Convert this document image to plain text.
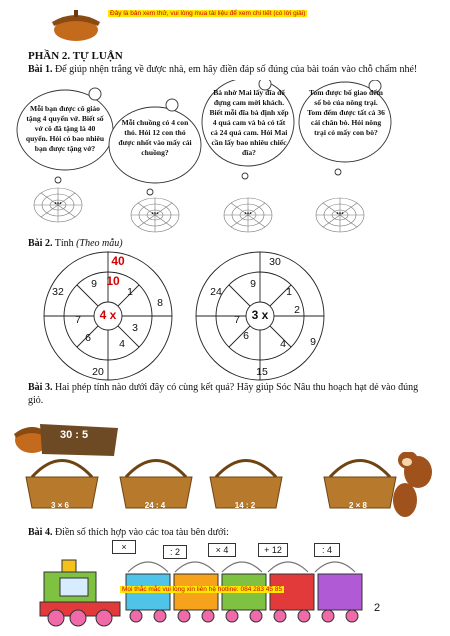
Đây là bản xem thử, vui lòng mua tài liệu để xem chi tiết (có lời giải)
PHẦN 2. TỰ LUẬN
Bài 1. Để giúp nhện trắng về được nhà, em hãy điền đáp số đúng của bài toán vào chỗ chấm nhé!
Mỗi bạn được cô giáo tặng 4 quyển vở. Biết số vở cô đã tặng là 40 quyển. Hỏi có bao nhiêu bạn được tặng vở?
Mỗi chuồng có 4 con thỏ. Hỏi 12 con thỏ được nhốt vào mấy cái chuồng?
Bà nhờ Mai lấy đĩa để đựng cam mời khách. Biết mỗi đĩa bà định xếp 4 quả cam và bà có tất cả 24 quả cam. Hỏi Mai cần lấy bao nhiêu chiếc đĩa?
Tom được bố giao đếm số bò của nông trại. Tom đếm được tất cả 36 cái chân bò. Hỏi nông trại có mấy con bò?
...
...	...	...
Bài 2. Tính (Theo mẫu)
40
8
20
32
9 10
1
3
4
6
7 4 x
30
9
15
24
9
1
2
4
6
7 3 x
Bài 3. Hai phép tính nào dưới đây có cùng kết quả? Hãy giúp Sóc Nâu thu hoạch hạt dẻ vào đúng giỏ.
30 : 5
3 × 6	24 : 4	14 : 2	2 × 8
Bài 4. Điền số thích hợp vào các toa tàu bên dưới:
×	: 2	× 4	+ 12	: 4
Mọi thắc mắc vui lòng xin liên hệ hotline: 084 283 45 85
2
